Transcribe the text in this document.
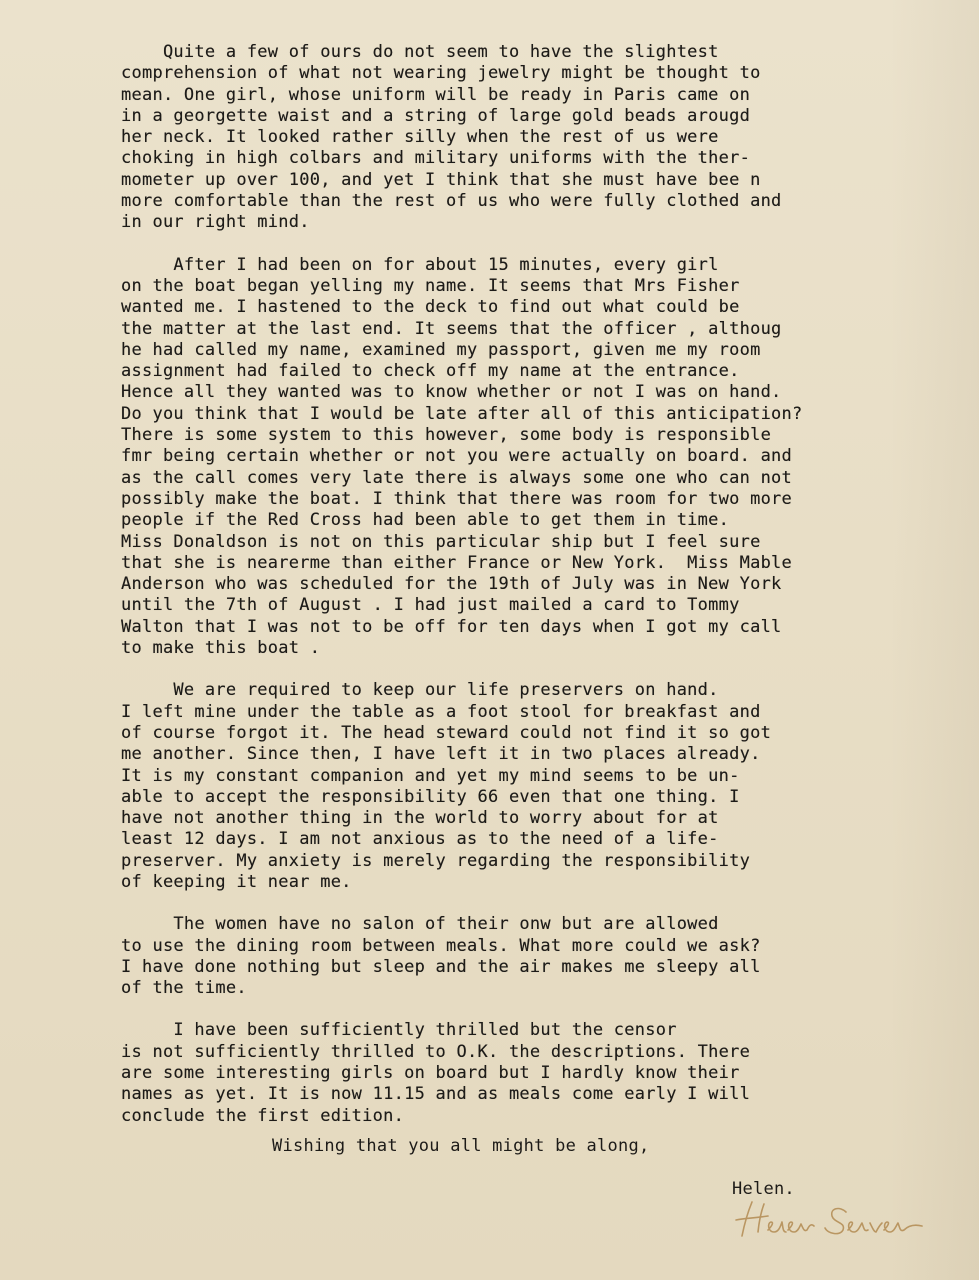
Quite a few of ours do not seem to have the slightest
comprehension of what not wearing jewelry might be thought to
mean. One girl, whose uniform will be ready in Paris came on
in a georgette waist and a string of large gold beads arougd
her neck. It looked rather silly when the rest of us were
choking in high colbars and military uniforms with the ther-
mometer up over 100, and yet I think that she must have bee n
more comfortable than the rest of us who were fully clothed and
in our right mind.
After I had been on for about 15 minutes, every girl
on the boat began yelling my name. It seems that Mrs Fisher
wanted me. I hastened to the deck to find out what could be
the matter at the last end. It seems that the officer , althoug
he had called my name, examined my passport, given me my room
assignment had failed to check off my name at the entrance.
Hence all they wanted was to know whether or not I was on hand.
Do you think that I would be late after all of this anticipation?
There is some system to this however, some body is responsible
fmr being certain whether or not you were actually on board. and
as the call comes very late there is always some one who can not
possibly make the boat. I think that there was room for two more
people if the Red Cross had been able to get them in time.
Miss Donaldson is not on this particular ship but I feel sure
that she is nearerme than either France or New York.  Miss Mable
Anderson who was scheduled for the 19th of July was in New York
until the 7th of August . I had just mailed a card to Tommy
Walton that I was not to be off for ten days when I got my call
to make this boat .
We are required to keep our life preservers on hand.
I left mine under the table as a foot stool for breakfast and
of course forgot it. The head steward could not find it so got
me another. Since then, I have left it in two places already.
It is my constant companion and yet my mind seems to be un-
able to accept the responsibility 66 even that one thing. I
have not another thing in the world to worry about for at
least 12 days. I am not anxious as to the need of a life-
preserver. My anxiety is merely regarding the responsibility
of keeping it near me.
The women have no salon of their onw but are allowed
to use the dining room between meals. What more could we ask?
I have done nothing but sleep and the air makes me sleepy all
of the time.
I have been sufficiently thrilled but the censor
is not sufficiently thrilled to O.K. the descriptions. There
are some interesting girls on board but I hardly know their
names as yet. It is now 11.15 and as meals come early I will
conclude the first edition.
Wishing that you all might be along,
Helen.
